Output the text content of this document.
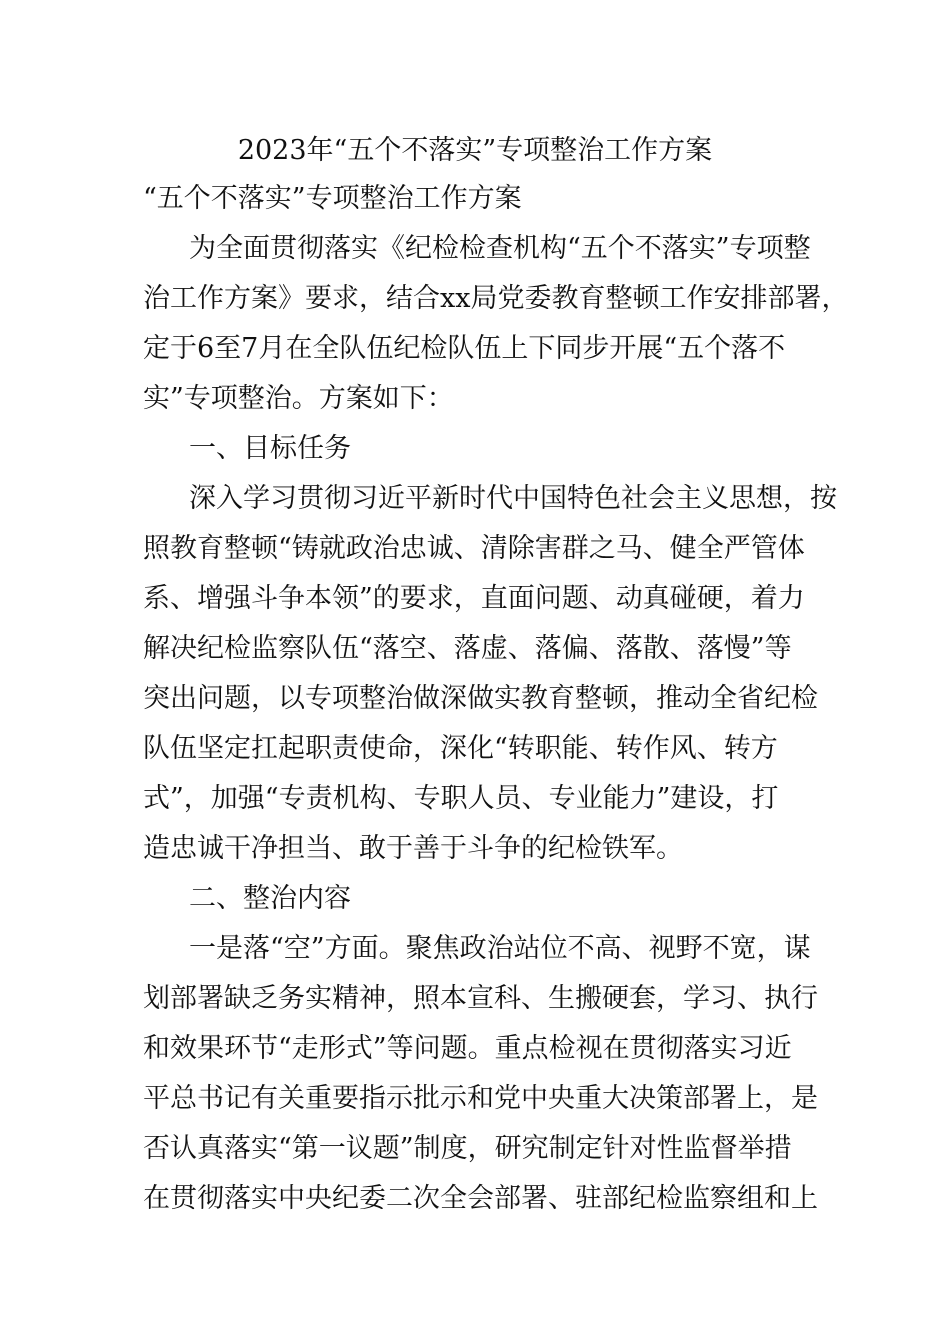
2023年“五个不落实”专项整治工作方案
“五个不落实”专项整治工作方案
为全面贯彻落实《纪检检查机构“五个不落实”专项整
治工作方案》要求，结合xx局党委教育整顿工作安排部署，
定于6至7月在全队伍纪检队伍上下同步开展“五个落不
实”专项整治。方案如下：
一、目标任务
深入学习贯彻习近平新时代中国特色社会主义思想，按
照教育整顿“铸就政治忠诚、清除害群之马、健全严管体
系、增强斗争本领”的要求，直面问题、动真碰硬，着力
解决纪检监察队伍“落空、落虚、落偏、落散、落慢”等
突出问题，以专项整治做深做实教育整顿，推动全省纪检
队伍坚定扛起职责使命，深化“转职能、转作风、转方
式”，加强“专责机构、专职人员、专业能力”建设，打
造忠诚干净担当、敢于善于斗争的纪检铁军。
二、整治内容
一是落“空”方面。聚焦政治站位不高、视野不宽，谋
划部署缺乏务实精神，照本宣科、生搬硬套，学习、执行
和效果环节“走形式”等问题。重点检视在贯彻落实习近
平总书记有关重要指示批示和党中央重大决策部署上，是
否认真落实“第一议题”制度，研究制定针对性监督举措
在贯彻落实中央纪委二次全会部署、驻部纪检监察组和上
